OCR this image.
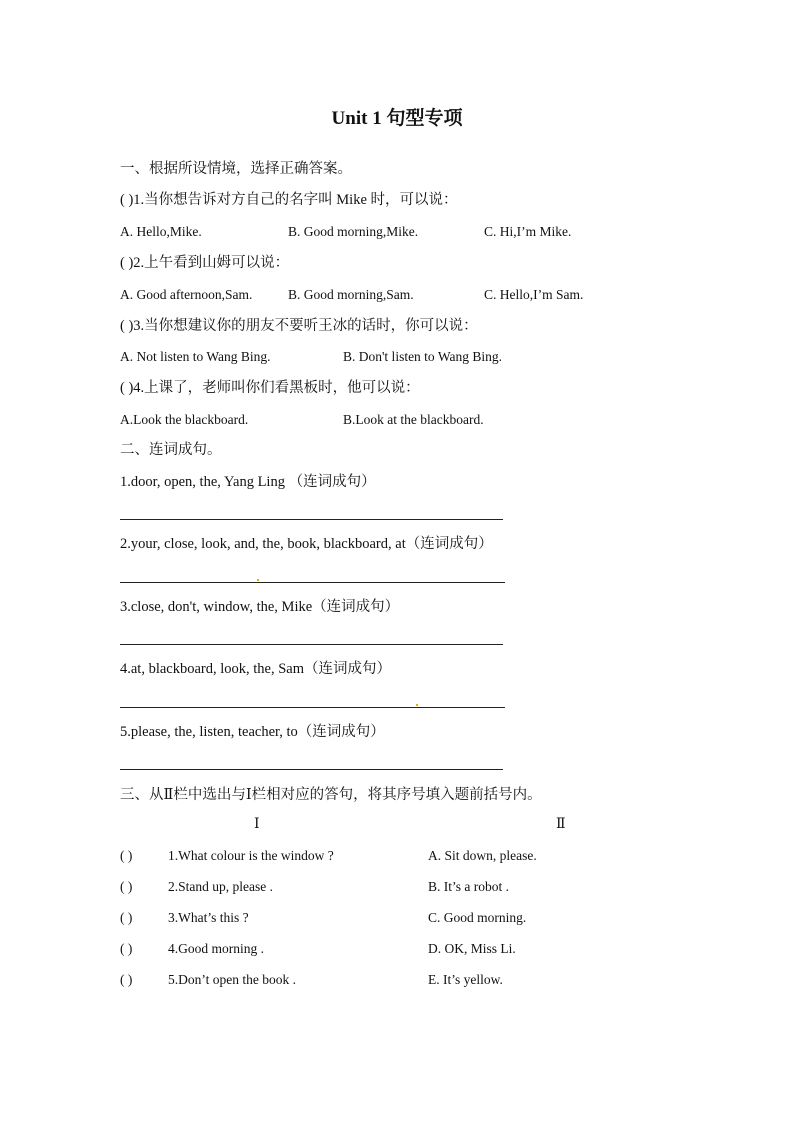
Unit 1 句型专项
一、根据所设情境，选择正确答案。
( )1.当你想告诉对方自己的名字叫 Mike 时，可以说：
A. Hello,Mike.	B. Good morning,Mike.	C. Hi,I’m Mike.
( )2.上午看到山姆可以说：
A. Good afternoon,Sam.	B. Good morning,Sam.	C. Hello,I’m Sam.
( )3.当你想建议你的朋友不要听王冰的话时，你可以说：
A. Not listen to Wang Bing.	B. Don't listen to Wang Bing.
( )4.上课了，老师叫你们看黑板时，他可以说：
A.Look the blackboard.	B.Look at the blackboard.
二、连词成句。
1.door, open, the, Yang Ling （连词成句）
2.your, close, look, and, the, book, blackboard, at（连词成句）
3.close, don't, window, the, Mike（连词成句）
4.at, blackboard, look, the, Sam（连词成句）
5.please, the, listen, teacher, to（连词成句）
三、从Ⅱ栏中选出与Ⅰ栏相对应的答句，将其序号填入题前括号内。
Ⅰ	Ⅱ
( )	1.What colour is the window ?	A. Sit down, please.
( )	2.Stand up, please .	B. It’s a robot .
( )	3.What’s this ?	C. Good morning.
( )	4.Good morning .	D. OK, Miss Li.
( )	5.Don’t open the book .	E. It’s yellow.
